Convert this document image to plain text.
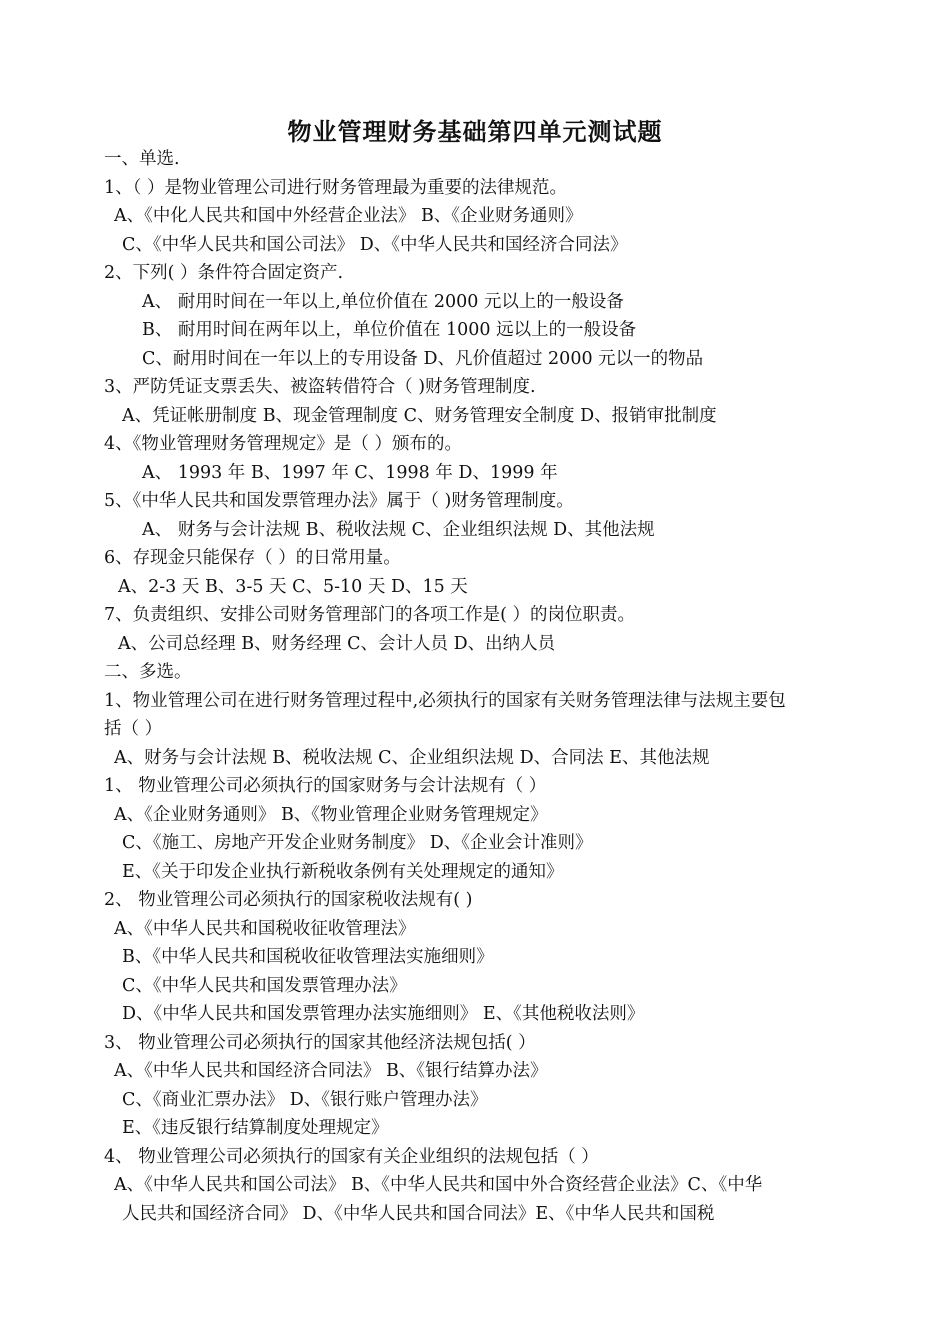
物业管理财务基础第四单元测试题
一、单选.
1、（ ）是物业管理公司进行财务管理最为重要的法律规范。
A、《中化人民共和国中外经营企业法》 B、《企业财务通则》
C、《中华人民共和国公司法》 D、《中华人民共和国经济合同法》
2、下列( ）条件符合固定资产.
A、 耐用时间在一年以上,单位价值在 2000 元以上的一般设备
B、 耐用时间在两年以上，单位价值在 1000 远以上的一般设备
C、耐用时间在一年以上的专用设备 D、凡价值超过 2000 元以一的物品
3、严防凭证支票丢失、被盗转借符合（ )财务管理制度.
A、凭证帐册制度 B、现金管理制度 C、财务管理安全制度 D、报销审批制度
4、《物业管理财务管理规定》是（ ）颁布的。
A、 1993 年 B、1997 年 C、1998 年 D、1999 年
5、《中华人民共和国发票管理办法》属于（ )财务管理制度。
A、 财务与会计法规 B、税收法规 C、企业组织法规 D、其他法规
6、存现金只能保存（ ）的日常用量。
A、2-3 天 B、3-5 天 C、5-10 天 D、15 天
7、负责组织、安排公司财务管理部门的各项工作是( ）的岗位职责。
A、公司总经理 B、财务经理 C、会计人员 D、出纳人员
二、多选。
1、物业管理公司在进行财务管理过程中,必须执行的国家有关财务管理法律与法规主要包
括（ ）
A、财务与会计法规 B、税收法规 C、企业组织法规 D、合同法 E、其他法规
1、 物业管理公司必须执行的国家财务与会计法规有（ ）
A、《企业财务通则》 B、《物业管理企业财务管理规定》
C、《施工、房地产开发企业财务制度》 D、《企业会计准则》
E、《关于印发企业执行新税收条例有关处理规定的通知》
2、 物业管理公司必须执行的国家税收法规有( )
A、《中华人民共和国税收征收管理法》
B、《中华人民共和国税收征收管理法实施细则》
C、《中华人民共和国发票管理办法》
D、《中华人民共和国发票管理办法实施细则》 E、《其他税收法则》
3、 物业管理公司必须执行的国家其他经济法规包括( ）
A、《中华人民共和国经济合同法》 B、《银行结算办法》
C、《商业汇票办法》 D、《银行账户管理办法》
E、《违反银行结算制度处理规定》
4、 物业管理公司必须执行的国家有关企业组织的法规包括（ ）
A、《中华人民共和国公司法》 B、《中华人民共和国中外合资经营企业法》C、《中华
人民共和国经济合同》 D、《中华人民共和国合同法》E、《中华人民共和国税
